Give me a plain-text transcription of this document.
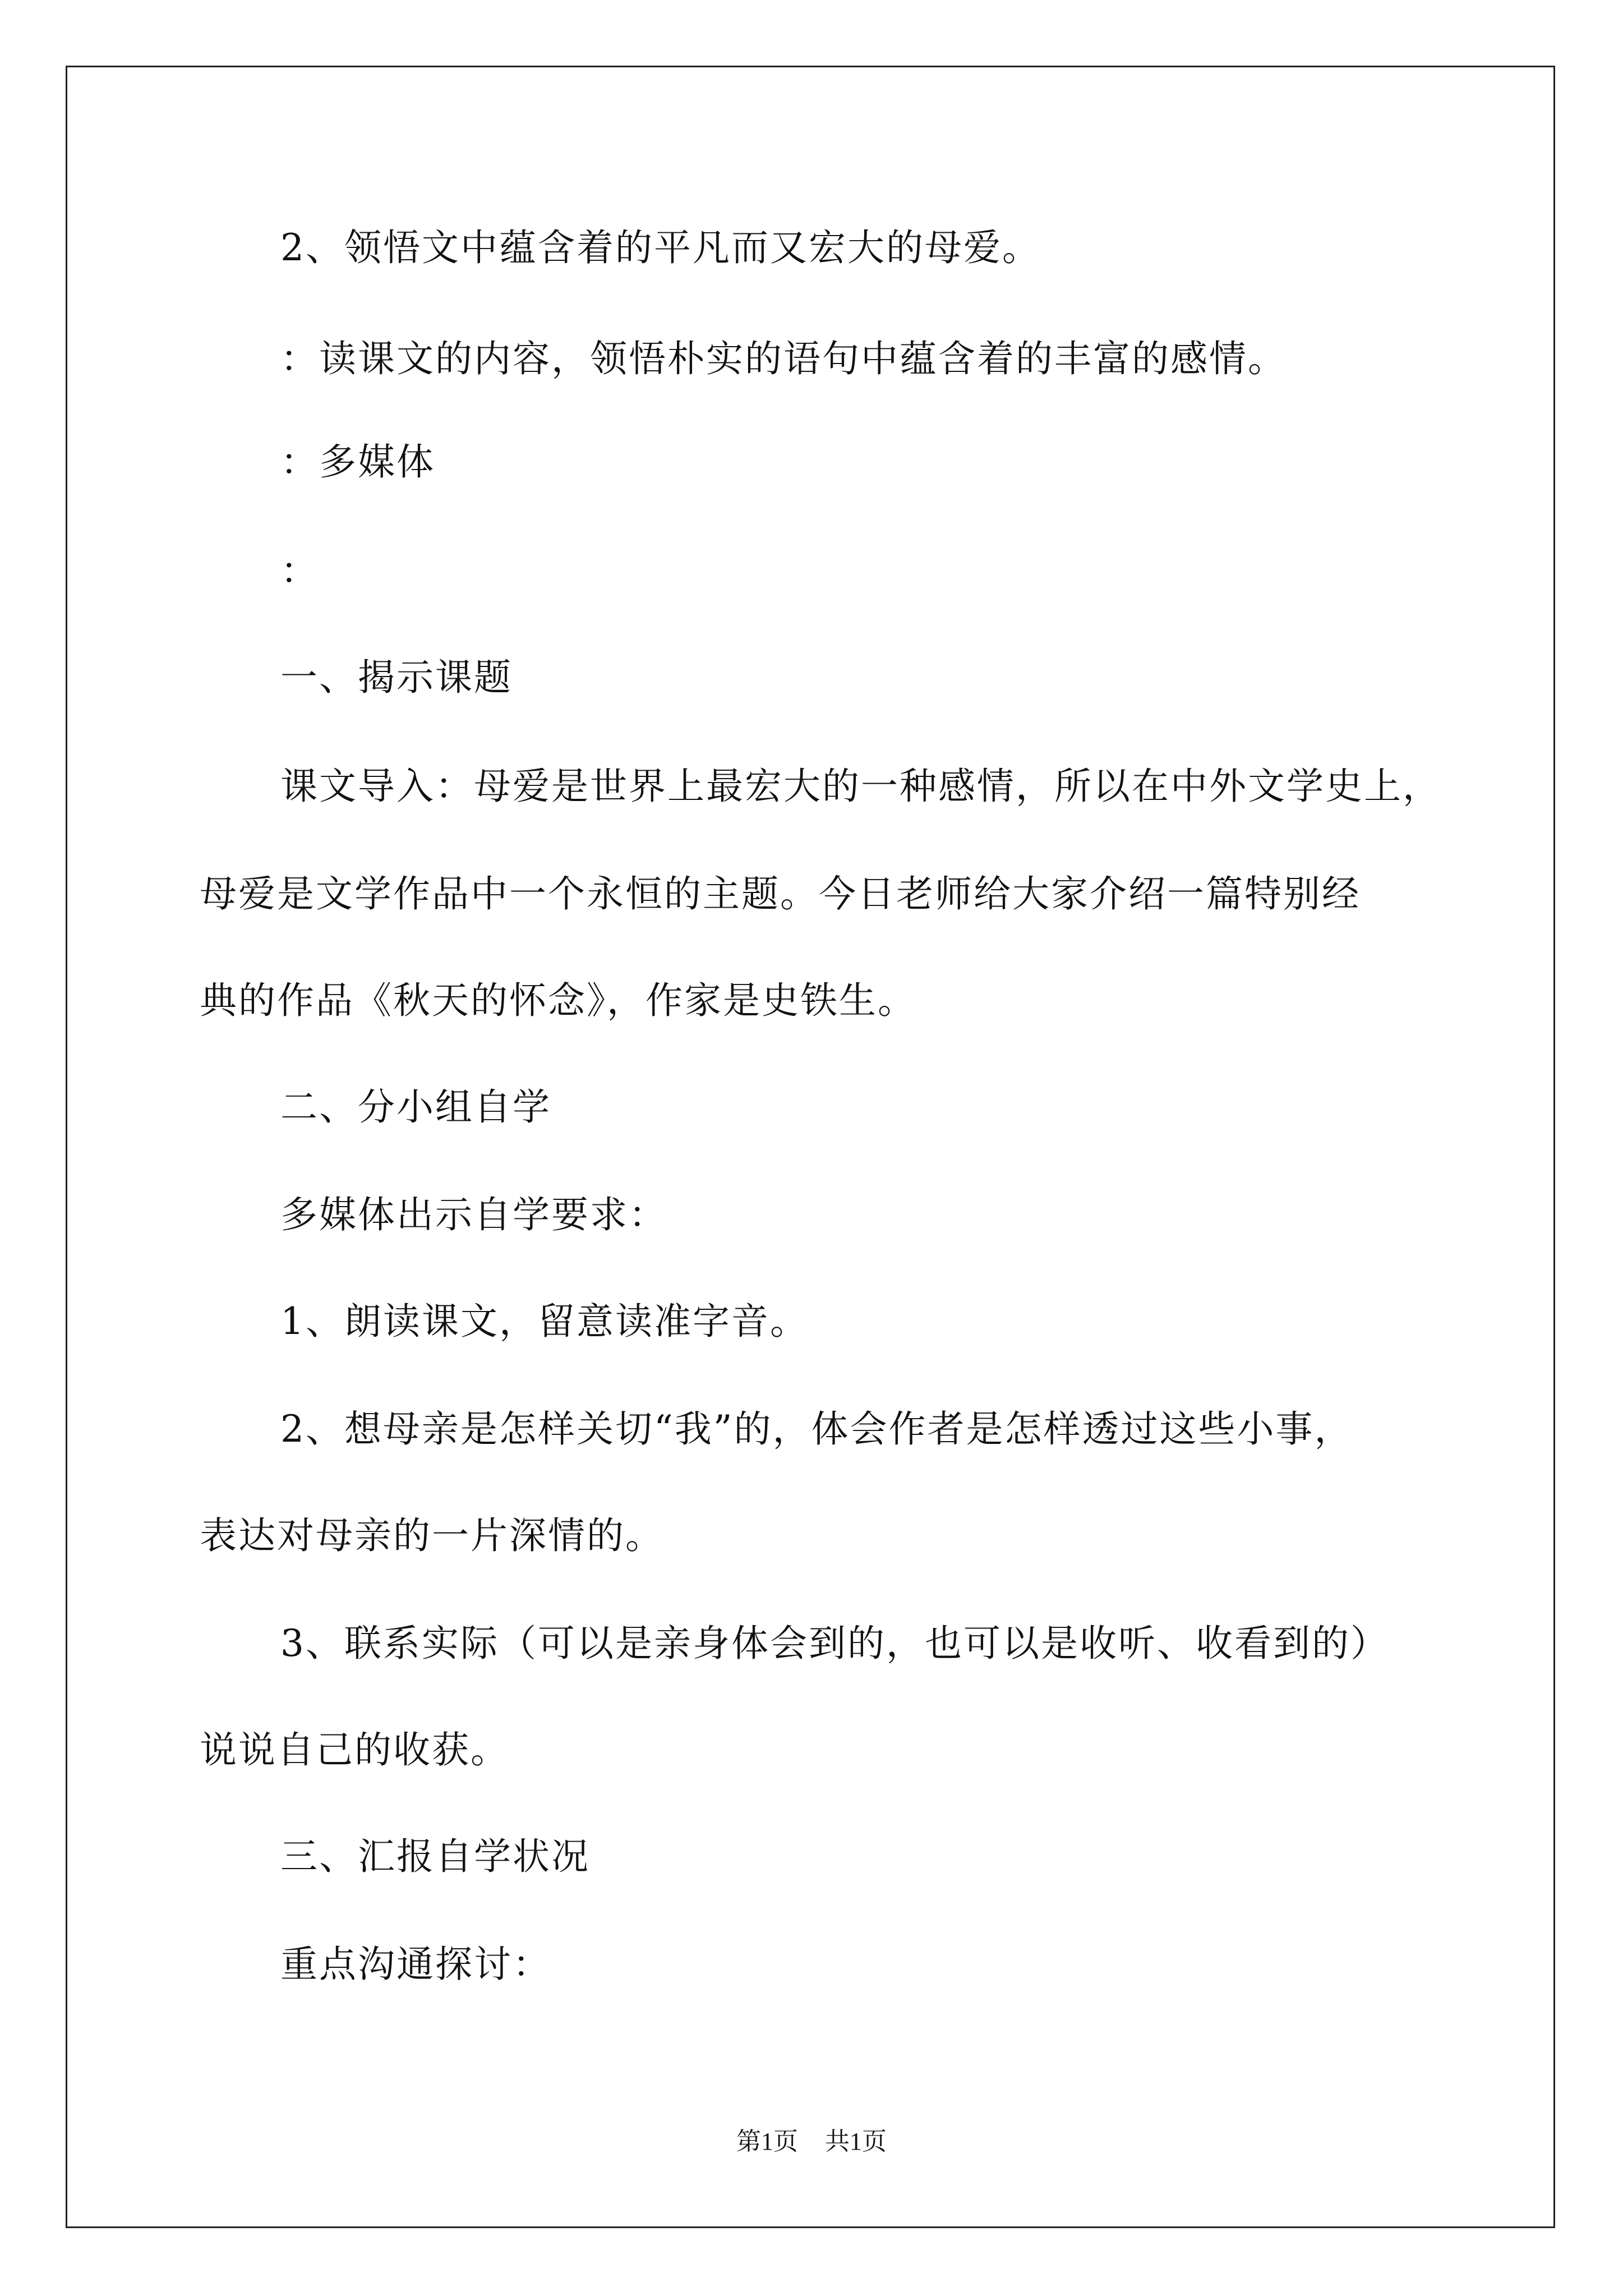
2、领悟文中蕴含着的平凡而又宏大的母爱。
：读课文的内容，领悟朴实的语句中蕴含着的丰富的感情。
：多媒体
：
一、揭示课题
课文导入：母爱是世界上最宏大的一种感情，所以在中外文学史上，
母爱是文学作品中一个永恒的主题。今日老师给大家介绍一篇特别经
典的作品《秋天的怀念》，作家是史铁生。
二、分小组自学
多媒体出示自学要求：
1、朗读课文，留意读准字音。
2、想母亲是怎样关切“我”的，体会作者是怎样透过这些小事，
表达对母亲的一片深情的。
3、联系实际（可以是亲身体会到的，也可以是收听、收看到的）
说说自己的收获。
三、汇报自学状况
重点沟通探讨：
第1页 共1页
